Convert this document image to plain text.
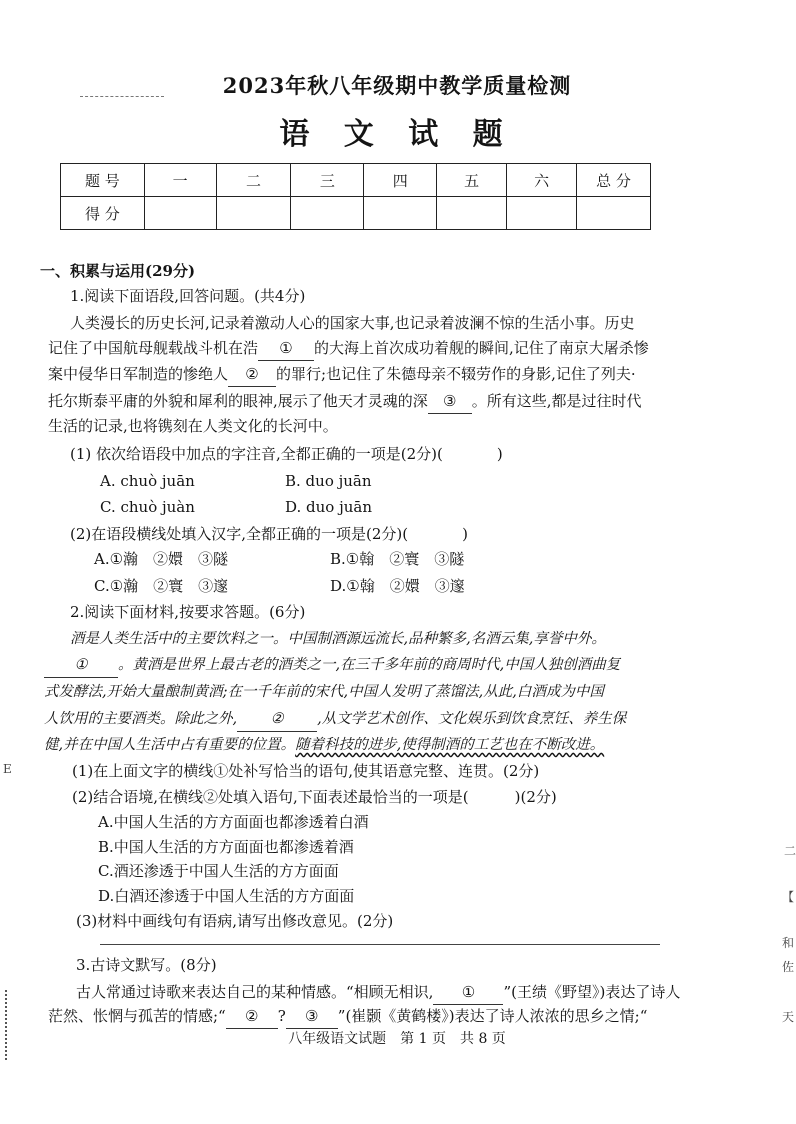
2023年秋八年级期中教学质量检测
语 文 试 题
题 号	一	二	三	四	五	六	总 分
得 分							
一、积累与运用(29分)
1.阅读下面语段,回答问题。(共4分)
人类漫长的历史长河,记录着激动人心的国家大事,也记录着波澜不惊的生活小事。历史
记住了中国航母舰载战斗机在浩 ① 的大海上首次成功着舰的瞬间,记住了南京大屠杀惨
案中侵华日军制造的惨绝人 ② 的罪行;也记住了朱德母亲不辍劳作的身影,记住了列夫·
托尔斯泰平庸的外貌和犀利的眼神,展示了他天才灵魂的深 ③ 。所有这些,都是过往时代
生活的记录,也将镌刻在人类文化的长河中。
(1) 依次给语段中加点的字注音,全都正确的一项是(2分)(	)
A. chuò juān	B. duo juān
C. chuò juàn	D. duo juān
(2)在语段横线处填入汉字,全都正确的一项是(2分)(	)
A.①瀚　②嬛　③隧	B.①翰　②寰　③隧
C.①瀚　②寰　③邃	D.①翰　②嬛　③邃
2.阅读下面材料,按要求答题。(6分)
酒是人类生活中的主要饮料之一。中国制酒源远流长,品种繁多,名酒云集,享誉中外。
① 。黄酒是世界上最古老的酒类之一,在三千多年前的商周时代,中国人独创酒曲复
式发酵法,开始大量酿制黄酒;在一千年前的宋代,中国人发明了蒸馏法,从此,白酒成为中国
人饮用的主要酒类。除此之外, ② ,从文学艺术创作、文化娱乐到饮食烹饪、养生保
健,并在中国人生活中占有重要的位置。随着科技的进步,使得制酒的工艺也在不断改进。
(1)在上面文字的横线①处补写恰当的语句,使其语意完整、连贯。(2分)
(2)结合语境,在横线②处填入语句,下面表述最恰当的一项是(	)(2分)
A.中国人生活的方方面面也都渗透着白酒
B.中国人生活的方方面面也都渗透着酒
C.酒还渗透于中国人生活的方方面面
D.白酒还渗透于中国人生活的方方面面
(3)材料中画线句有语病,请写出修改意见。(2分)
3.古诗文默写。(8分)
古人常通过诗歌来表达自己的某种情感。“相顾无相识, ① ”(王绩《野望》)表达了诗人
茫然、怅惘与孤苦的情感;“ ② ? ③ ”(崔颢《黄鹤楼》)表达了诗人浓浓的思乡之情;“
八年级语文试题　第 1 页　共 8 页
E
二
【
和
佐
天
